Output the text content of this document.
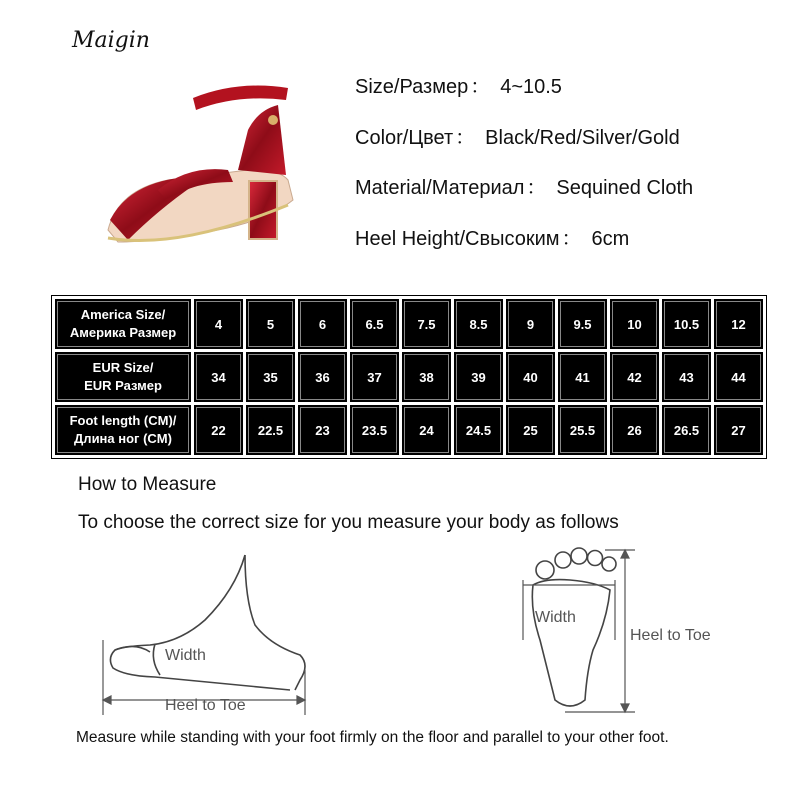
Maigin
Size/Размер ： 4~10.5
Color/Цвет ： Black/Red/Silver/Gold
Material/Материал ： Sequined Cloth
Heel Height/Свысоким ： 6cm
America Size/
Америка Размер	4	5	6	6.5	7.5	8.5	9	9.5	10	10.5	12
EUR Size/
EUR Размер	34	35	36	37	38	39	40	41	42	43	44
Foot length (CM)/
Длина ног (CM)	22	22.5	23	23.5	24	24.5	25	25.5	26	26.5	27
How to Measure
To choose the correct size for you measure your body as follows
Width
Heel to Toe
Width
Heel to Toe
Measure while standing with your foot firmly on the floor and parallel to your other foot.
